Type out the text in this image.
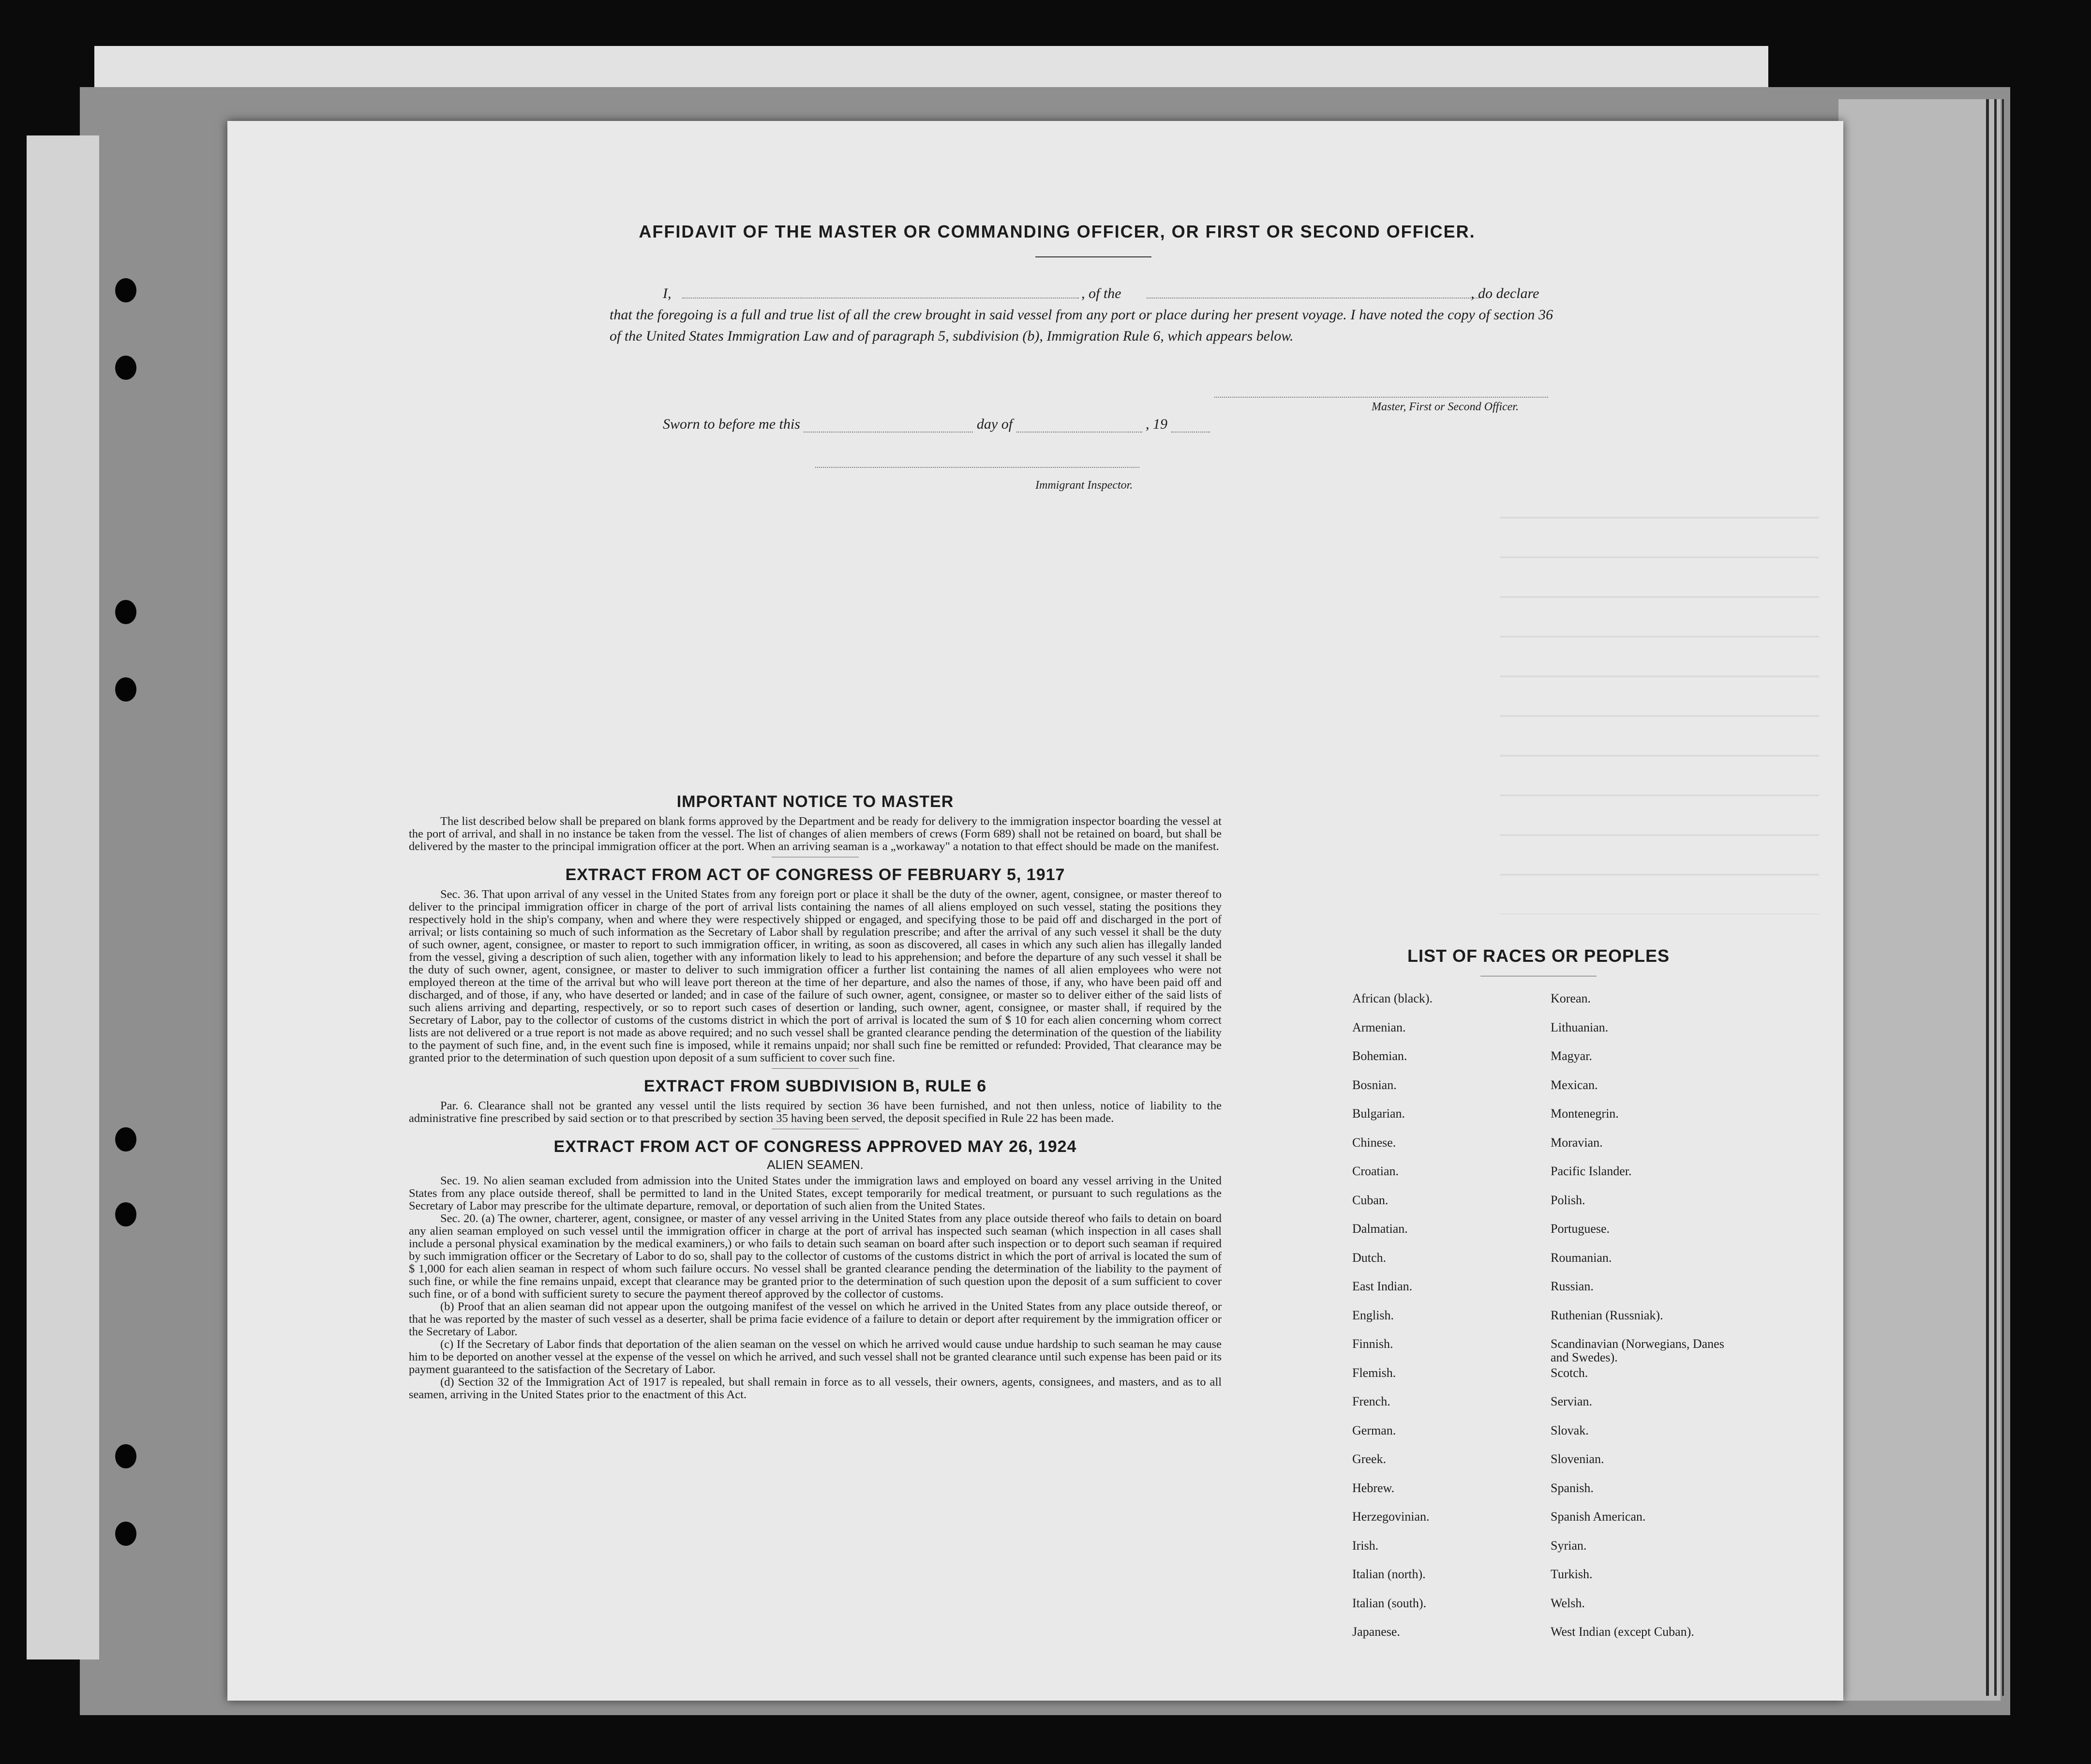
AFFIDAVIT OF THE MASTER OR COMMANDING OFFICER, OR FIRST OR SECOND OFFICER.
I,	, of the	, do declare
that the foregoing is a full and true list of all the crew brought in said vessel from any port or place during her present voyage. I have noted the copy of section 36 of the United States Immigration Law and of paragraph 5, subdivision (b), Immigration Rule 6, which appears below.
Master, First or Second Officer.
Sworn to before me this	day of	, 19
Immigrant Inspector.

IMPORTANT NOTICE TO MASTER

The list described below shall be prepared on blank forms approved by the Department and be ready for delivery to the immigration inspector boarding the vessel at the port of arrival, and shall in no instance be taken from the vessel. The list of changes of alien members of crews (Form 689) shall not be retained on board, but shall be delivered by the master to the principal immigration officer at the port. When an arriving seaman is a „workaway" a notation to that effect should be made on the manifest.

EXTRACT FROM ACT OF CONGRESS OF FEBRUARY 5, 1917

Sec. 36. That upon arrival of any vessel in the United States from any foreign port or place it shall be the duty of the owner, agent, consignee, or master thereof to deliver to the principal immigration officer in charge of the port of arrival lists containing the names of all aliens employed on such vessel, stating the positions they respectively hold in the ship's company, when and where they were respectively shipped or engaged, and specifying those to be paid off and discharged in the port of arrival; or lists containing so much of such information as the Secretary of Labor shall by regulation prescribe; and after the arrival of any such vessel it shall be the duty of such owner, agent, consignee, or master to report to such immigration officer, in writing, as soon as discovered, all cases in which any such alien has illegally landed from the vessel, giving a description of such alien, together with any information likely to lead to his apprehension; and before the departure of any such vessel it shall be the duty of such owner, agent, consignee, or master to deliver to such immigration officer a further list containing the names of all alien employees who were not employed thereon at the time of the arrival but who will leave port thereon at the time of her departure, and also the names of those, if any, who have been paid off and discharged, and of those, if any, who have deserted or landed; and in case of the failure of such owner, agent, consignee, or master so to deliver either of the said lists of such aliens arriving and departing, respectively, or so to report such cases of desertion or landing, such owner, agent, consignee, or master shall, if required by the Secretary of Labor, pay to the collector of customs of the customs district in which the port of arrival is located the sum of $ 10 for each alien concerning whom correct lists are not delivered or a true report is not made as above required; and no such vessel shall be granted clearance pending the determination of the question of the liability to the payment of such fine, and, in the event such fine is imposed, while it remains unpaid; nor shall such fine be remitted or refunded: Provided, That clearance may be granted prior to the determination of such question upon deposit of a sum sufficient to cover such fine.

EXTRACT FROM SUBDIVISION B, RULE 6

Par. 6. Clearance shall not be granted any vessel until the lists required by section 36 have been furnished, and not then unless, notice of liability to the administrative fine prescribed by said section or to that prescribed by section 35 having been served, the deposit specified in Rule 22 has been made.

EXTRACT FROM ACT OF CONGRESS APPROVED MAY 26, 1924

ALIEN SEAMEN.

Sec. 19. No alien seaman excluded from admission into the United States under the immigration laws and employed on board any vessel arriving in the United States from any place outside thereof, shall be permitted to land in the United States, except temporarily for medical treatment, or pursuant to such regulations as the Secretary of Labor may prescribe for the ultimate departure, removal, or deportation of such alien from the United States.

Sec. 20. (a) The owner, charterer, agent, consignee, or master of any vessel arriving in the United States from any place outside thereof who fails to detain on board any alien seaman employed on such vessel until the immigration officer in charge at the port of arrival has inspected such seaman (which inspection in all cases shall include a personal physical examination by the medical examiners,) or who fails to detain such seaman on board after such inspection or to deport such seaman if required by such immigration officer or the Secretary of Labor to do so, shall pay to the collector of customs of the customs district in which the port of arrival is located the sum of $ 1,000 for each alien seaman in respect of whom such failure occurs. No vessel shall be granted clearance pending the determination of the liability to the payment of such fine, or while the fine remains unpaid, except that clearance may be granted prior to the determination of such question upon the deposit of a sum sufficient to cover such fine, or of a bond with sufficient surety to secure the payment thereof approved by the collector of customs.

(b) Proof that an alien seaman did not appear upon the outgoing manifest of the vessel on which he arrived in the United States from any place outside thereof, or that he was reported by the master of such vessel as a deserter, shall be prima facie evidence of a failure to detain or deport after requirement by the immigration officer or the Secretary of Labor.

(c) If the Secretary of Labor finds that deportation of the alien seaman on the vessel on which he arrived would cause undue hardship to such seaman he may cause him to be deported on another vessel at the expense of the vessel on which he arrived, and such vessel shall not be granted clearance until such expense has been paid or its payment guaranteed to the satisfaction of the Secretary of Labor.

(d) Section 32 of the Immigration Act of 1917 is repealed, but shall remain in force as to all vessels, their owners, agents, consignees, and masters, and as to all seamen, arriving in the United States prior to the enactment of this Act.

LIST OF RACES OR PEOPLES
African (black).
Armenian.
Bohemian.
Bosnian.
Bulgarian.
Chinese.
Croatian.
Cuban.
Dalmatian.
Dutch.
East Indian.
English.
Finnish.
Flemish.
French.
German.
Greek.
Hebrew.
Herzegovinian.
Irish.
Italian (north).
Italian (south).
Japanese.
Korean.
Lithuanian.
Magyar.
Mexican.
Montenegrin.
Moravian.
Pacific Islander.
Polish.
Portuguese.
Roumanian.
Russian.
Ruthenian (Russniak).
Scandinavian (Norwegians, Danes and Swedes).
Scotch.
Servian.
Slovak.
Slovenian.
Spanish.
Spanish American.
Syrian.
Turkish.
Welsh.
West Indian (except Cuban).
